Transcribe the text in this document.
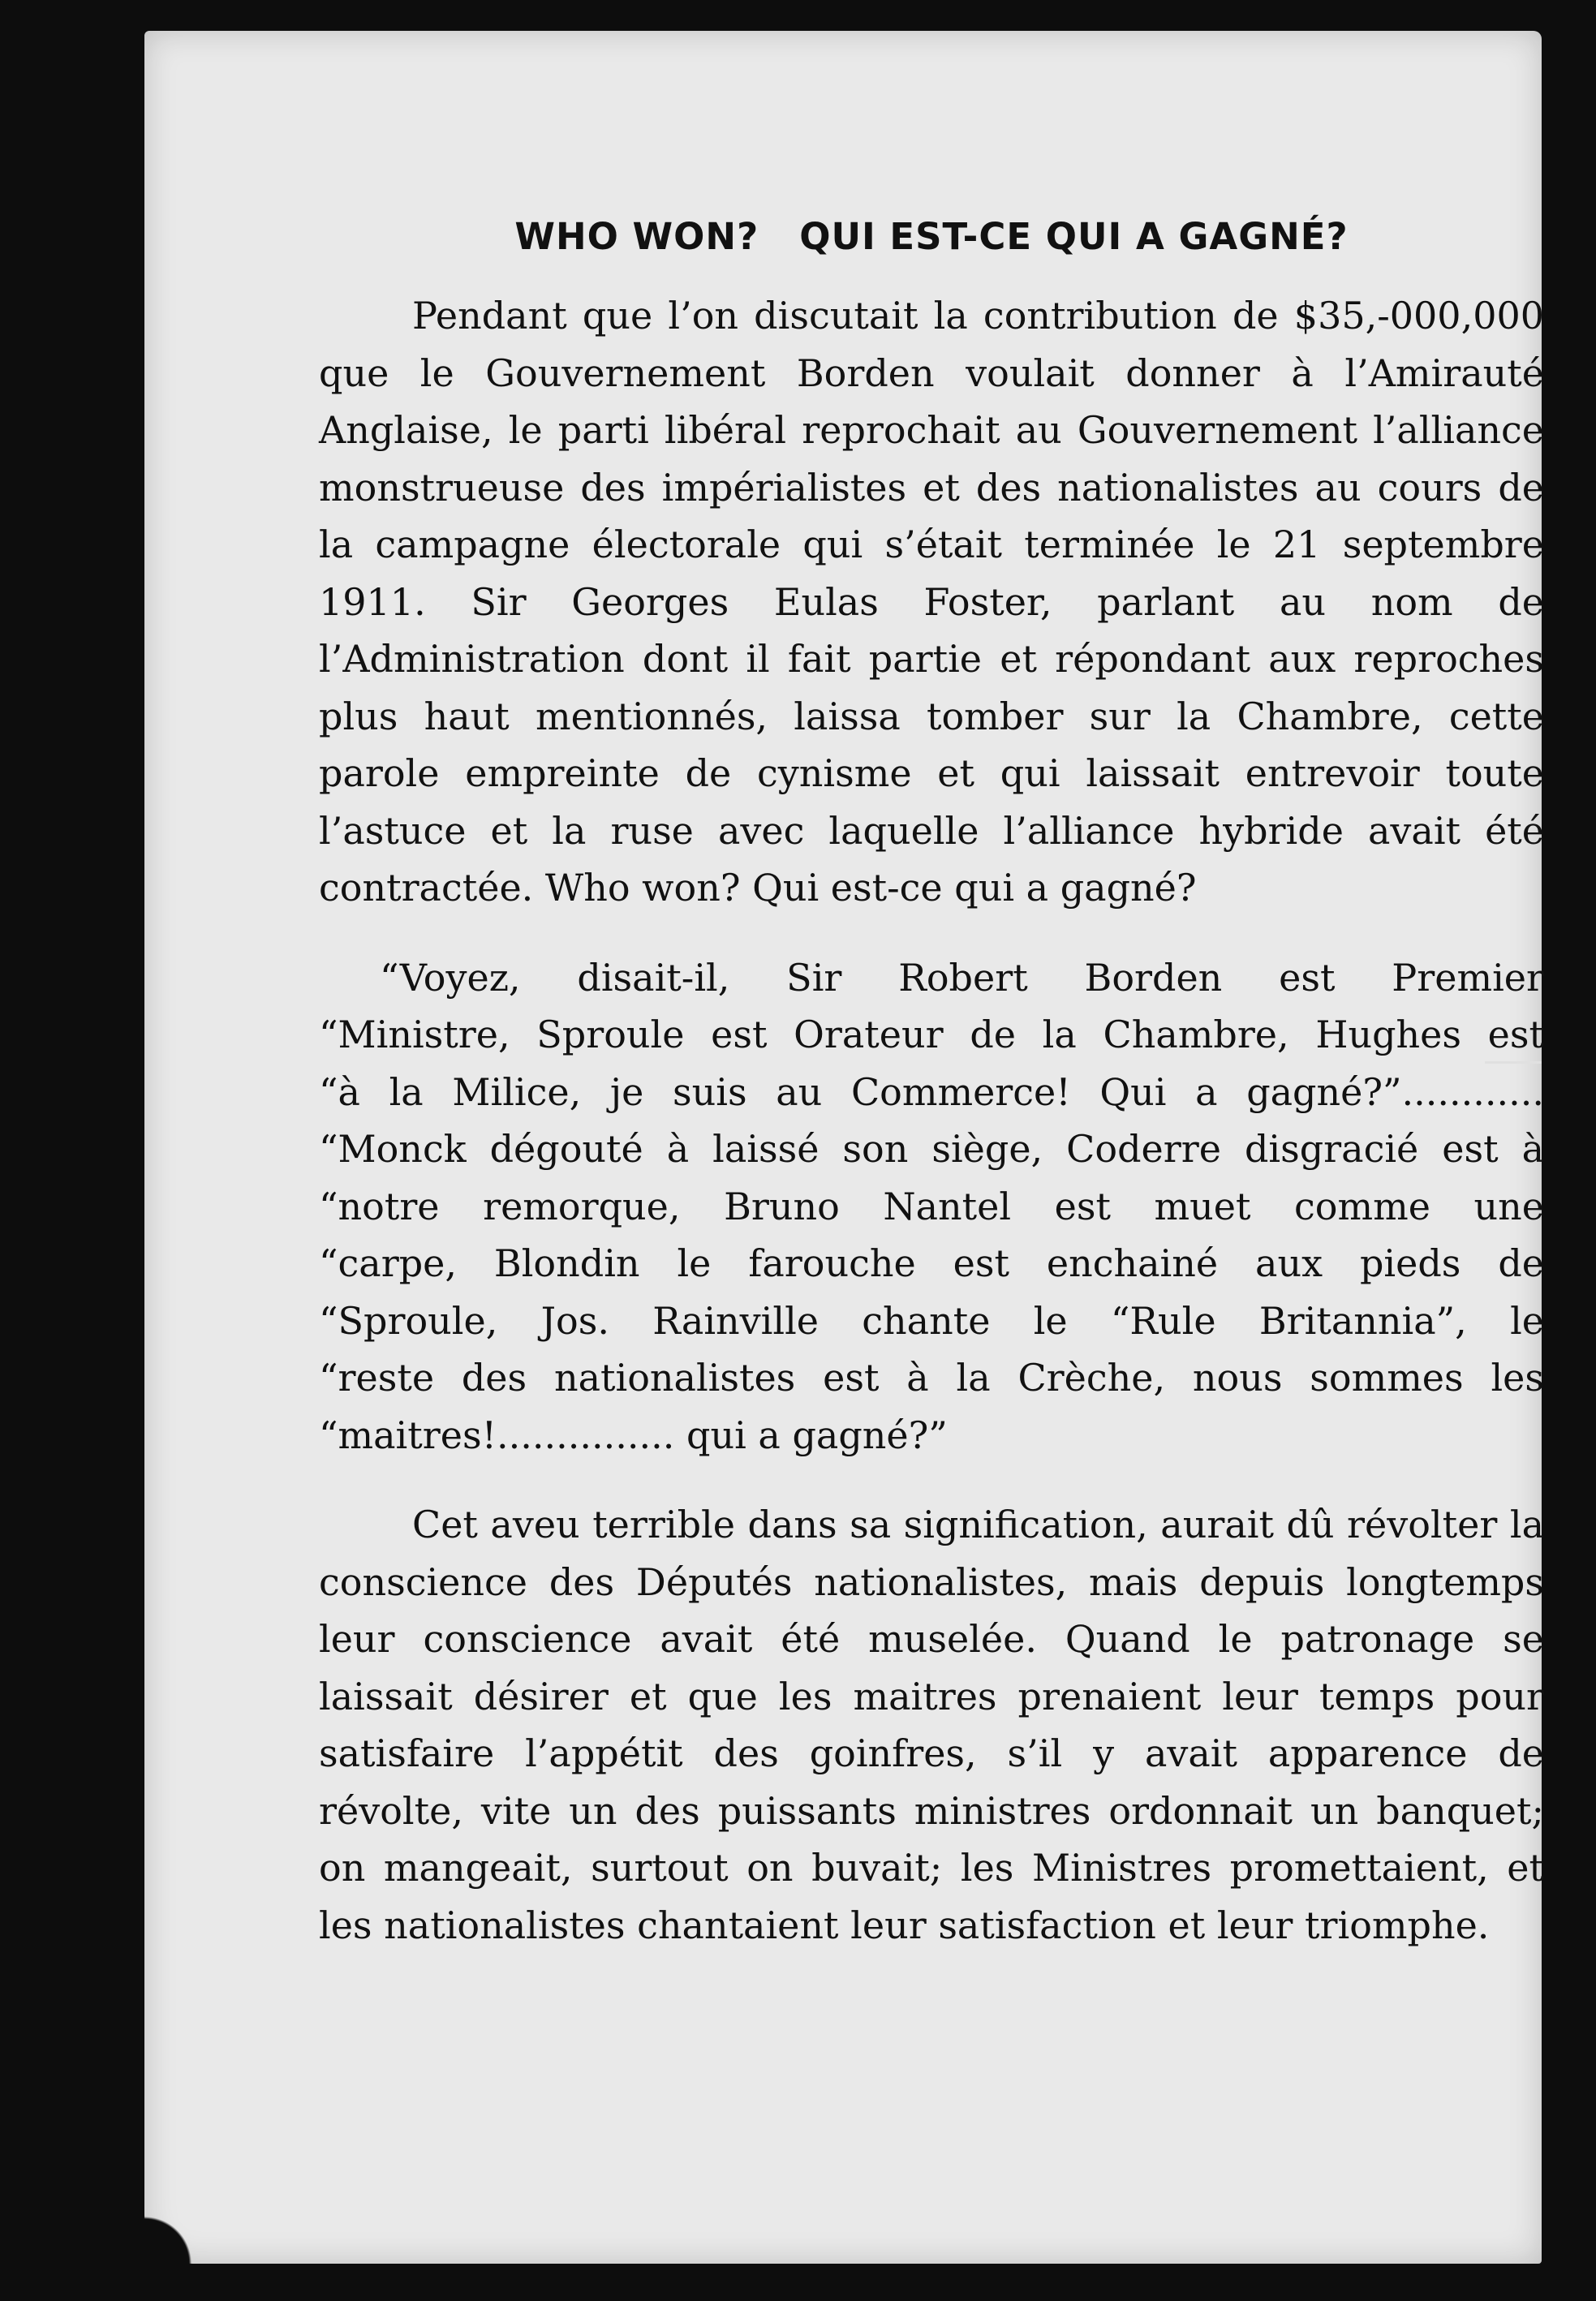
WHO WON?   QUI EST-CE QUI A GAGNÉ?

Pendant que l’on discutait la contribution de $35,-000,000 que le Gouvernement Borden voulait donner à l’Amirauté Anglaise, le parti libéral reprochait au Gouvernement l’alliance monstrueuse des impérialistes et des nationalistes au cours de la campagne électorale qui s’était terminée le 21 septembre 1911. Sir Georges Eulas Foster, parlant au nom de l’Administration dont il fait partie et répondant aux reproches plus haut mentionnés, laissa tomber sur la Chambre, cette parole empreinte de cynisme et qui laissait entrevoir toute l’astuce et la ruse avec laquelle l’alliance hybride avait été contractée. Who won? Qui est-ce qui a gagné?

“Voyez, disait-il, Sir Robert Borden est Premier
“Ministre, Sproule est Orateur de la Chambre, Hughes est
“à la Milice, je suis au Commerce! Qui a gagné?”............
“Monck dégouté à laissé son siège, Coderre disgracié est à
“notre remorque, Bruno Nantel est muet comme une
“carpe, Blondin le farouche est enchainé aux pieds de
“Sproule, Jos. Rainville chante le “Rule Britannia”, le
“reste des nationalistes est à la Crèche, nous sommes les
“maitres!............... qui a gagné?”

Cet aveu terrible dans sa signification, aurait dû révolter la conscience des Députés nationalistes, mais depuis longtemps leur conscience avait été muselée. Quand le patronage se laissait désirer et que les maitres prenaient leur temps pour satisfaire l’appétit des goinfres, s’il y avait apparence de révolte, vite un des puissants ministres ordonnait un banquet; on mangeait, surtout on buvait; les Ministres promettaient, et les nationalistes chantaient leur satisfaction et leur triomphe.
